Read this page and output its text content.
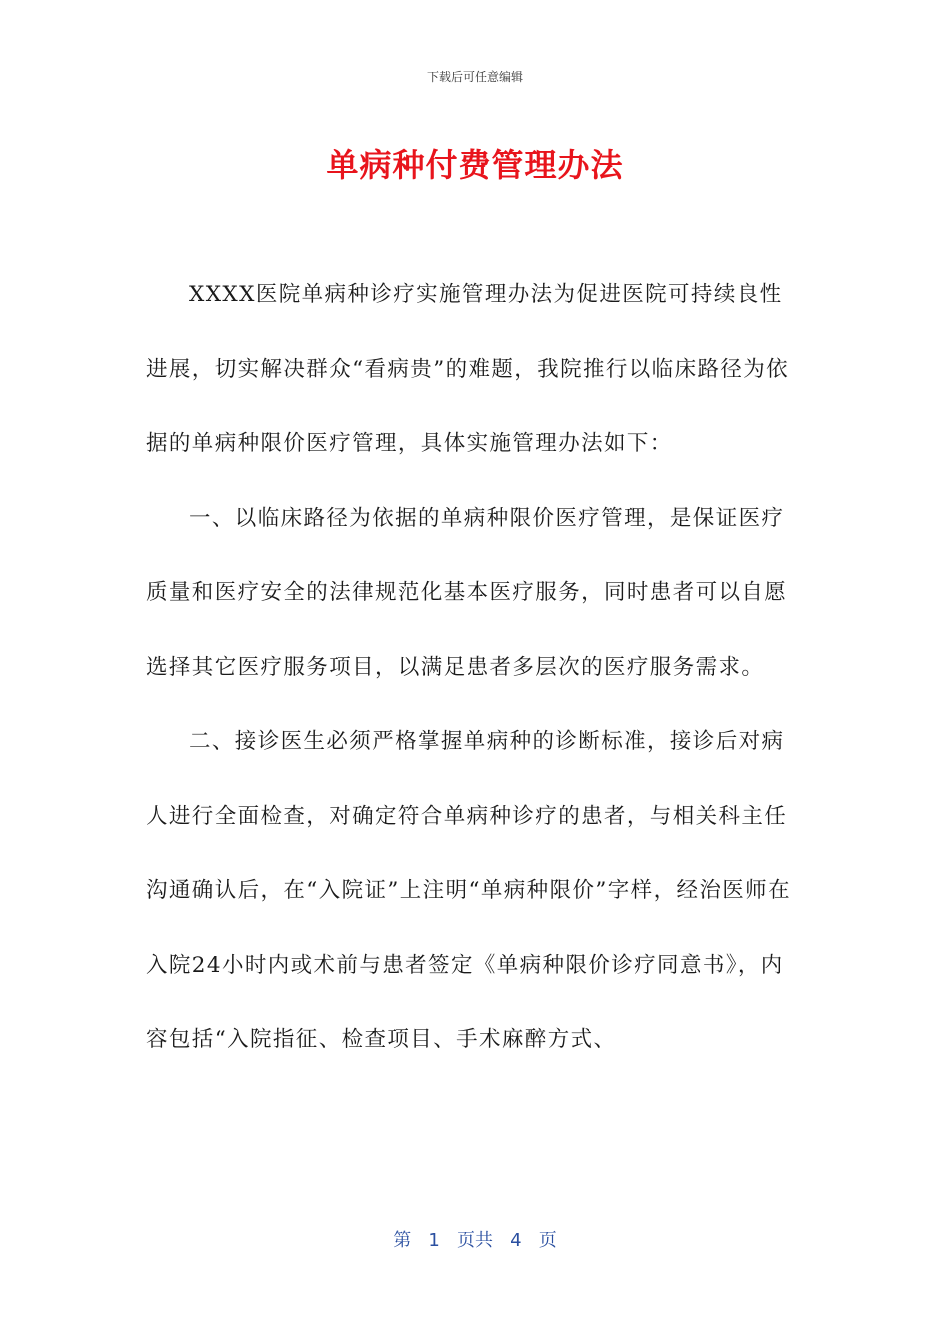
下载后可任意编辑
单病种付费管理办法

XXXX医院单病种诊疗实施管理办法为促进医院可持续良性进展，切实解决群众“看病贵”的难题，我院推行以临床路径为依据的单病种限价医疗管理，具体实施管理办法如下：

一、以临床路径为依据的单病种限价医疗管理，是保证医疗质量和医疗安全的法律规范化基本医疗服务，同时患者可以自愿选择其它医疗服务项目，以满足患者多层次的医疗服务需求。

二、接诊医生必须严格掌握单病种的诊断标准，接诊后对病人进行全面检查，对确定符合单病种诊疗的患者，与相关科主任沟通确认后，在“入院证”上注明“单病种限价”字样，经治医师在入院24小时内或术前与患者签定《单病种限价诊疗同意书》，内容包括“入院指征、检查项目、手术麻醉方式、

第 1 页共 4 页
